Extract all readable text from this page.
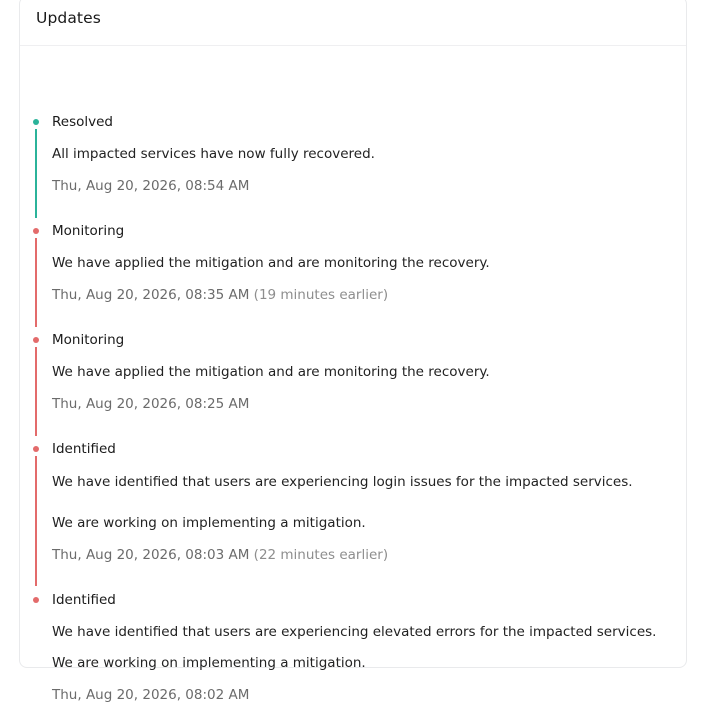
Updates
Resolved
All impacted services have now fully recovered.
Thu, Aug 20, 2026, 08:54 AM
Monitoring
We have applied the mitigation and are monitoring the recovery.
Thu, Aug 20, 2026, 08:35 AM (19 minutes earlier)
Monitoring
We have applied the mitigation and are monitoring the recovery.
Thu, Aug 20, 2026, 08:25 AM
Identified
We have identified that users are experiencing login issues for the impacted services.
We are working on implementing a mitigation.
Thu, Aug 20, 2026, 08:03 AM (22 minutes earlier)
Identified
We have identified that users are experiencing elevated errors for the impacted services.
We are working on implementing a mitigation.
Thu, Aug 20, 2026, 08:02 AM
